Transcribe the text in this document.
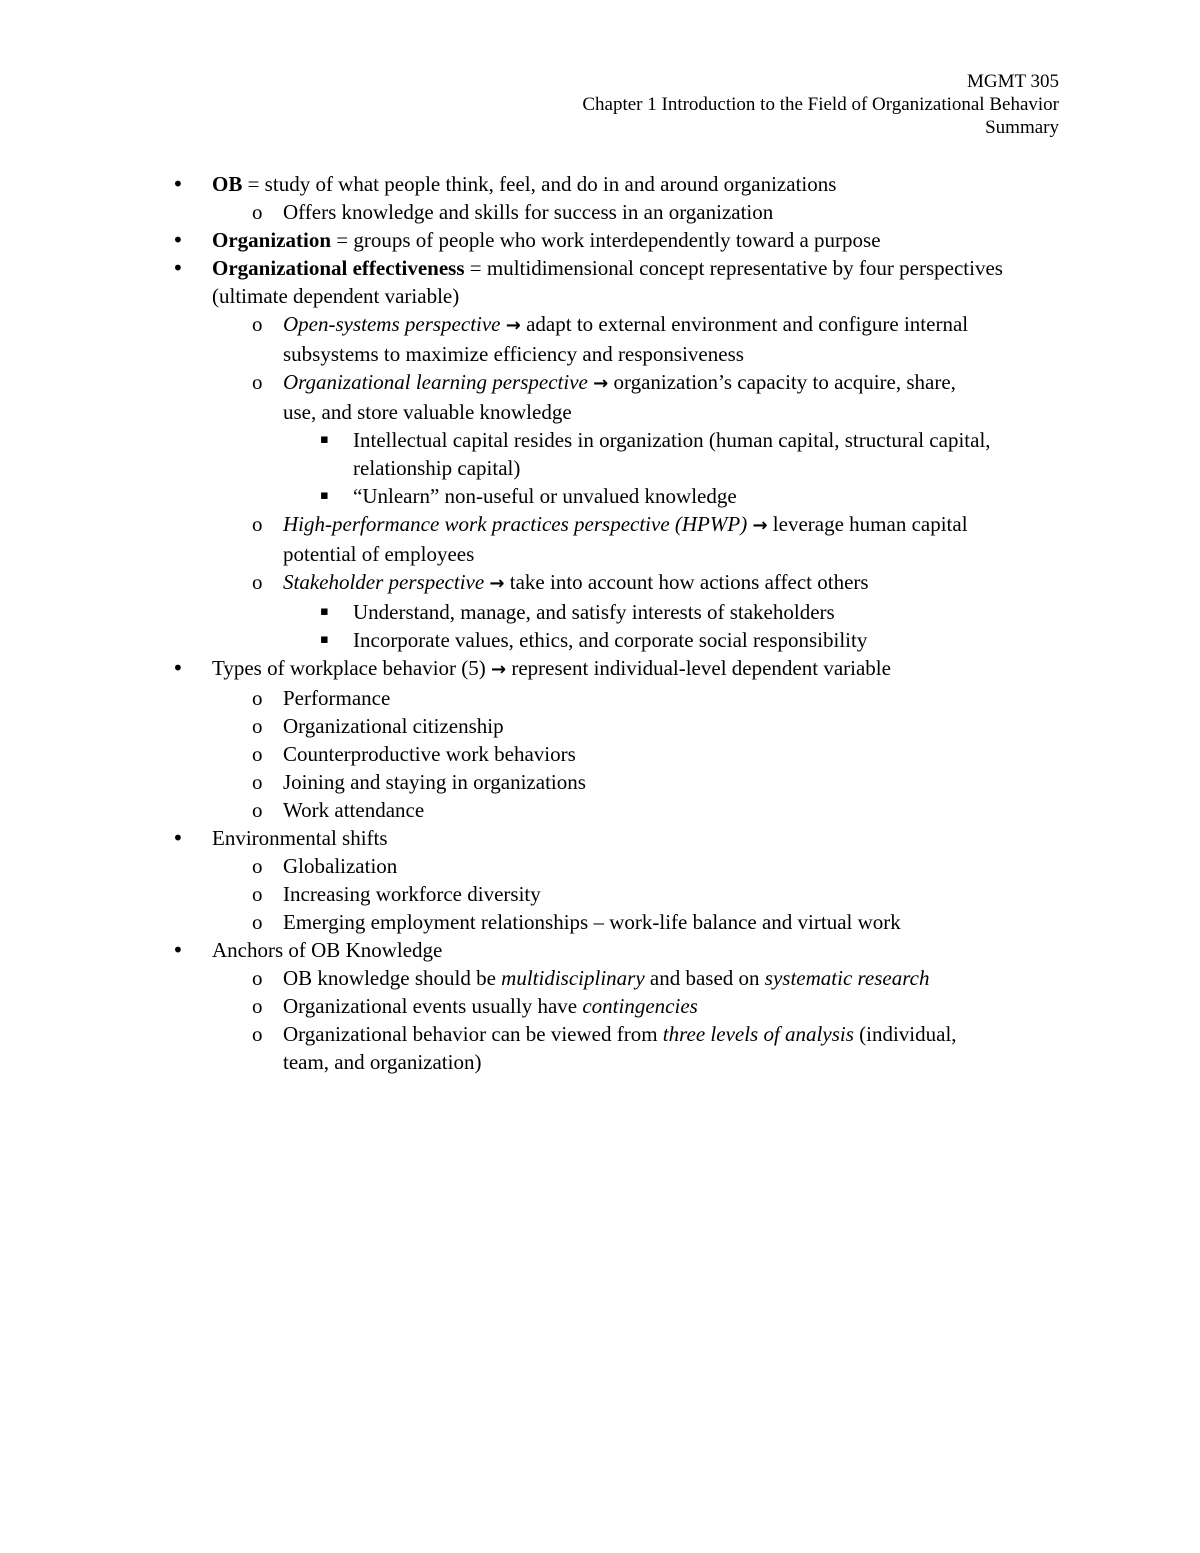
MGMT 305
Chapter 1 Introduction to the Field of Organizational Behavior
Summary
• OB = study of what people think, feel, and do in and around organizations
o Offers knowledge and skills for success in an organization
• Organization = groups of people who work interdependently toward a purpose
• Organizational effectiveness = multidimensional concept representative by four perspectives (ultimate dependent variable)
o Open-systems perspective → adapt to external environment and configure internal subsystems to maximize efficiency and responsiveness
o Organizational learning perspective → organization’s capacity to acquire, share, use, and store valuable knowledge
▪ Intellectual capital resides in organization (human capital, structural capital, relationship capital)
▪ “Unlearn” non-useful or unvalued knowledge
o High-performance work practices perspective (HPWP) → leverage human capital potential of employees
o Stakeholder perspective → take into account how actions affect others
▪ Understand, manage, and satisfy interests of stakeholders
▪ Incorporate values, ethics, and corporate social responsibility
• Types of workplace behavior (5) → represent individual-level dependent variable
o Performance
o Organizational citizenship
o Counterproductive work behaviors
o Joining and staying in organizations
o Work attendance
• Environmental shifts
o Globalization
o Increasing workforce diversity
o Emerging employment relationships – work-life balance and virtual work
• Anchors of OB Knowledge
o OB knowledge should be multidisciplinary and based on systematic research
o Organizational events usually have contingencies
o Organizational behavior can be viewed from three levels of analysis (individual, team, and organization)
